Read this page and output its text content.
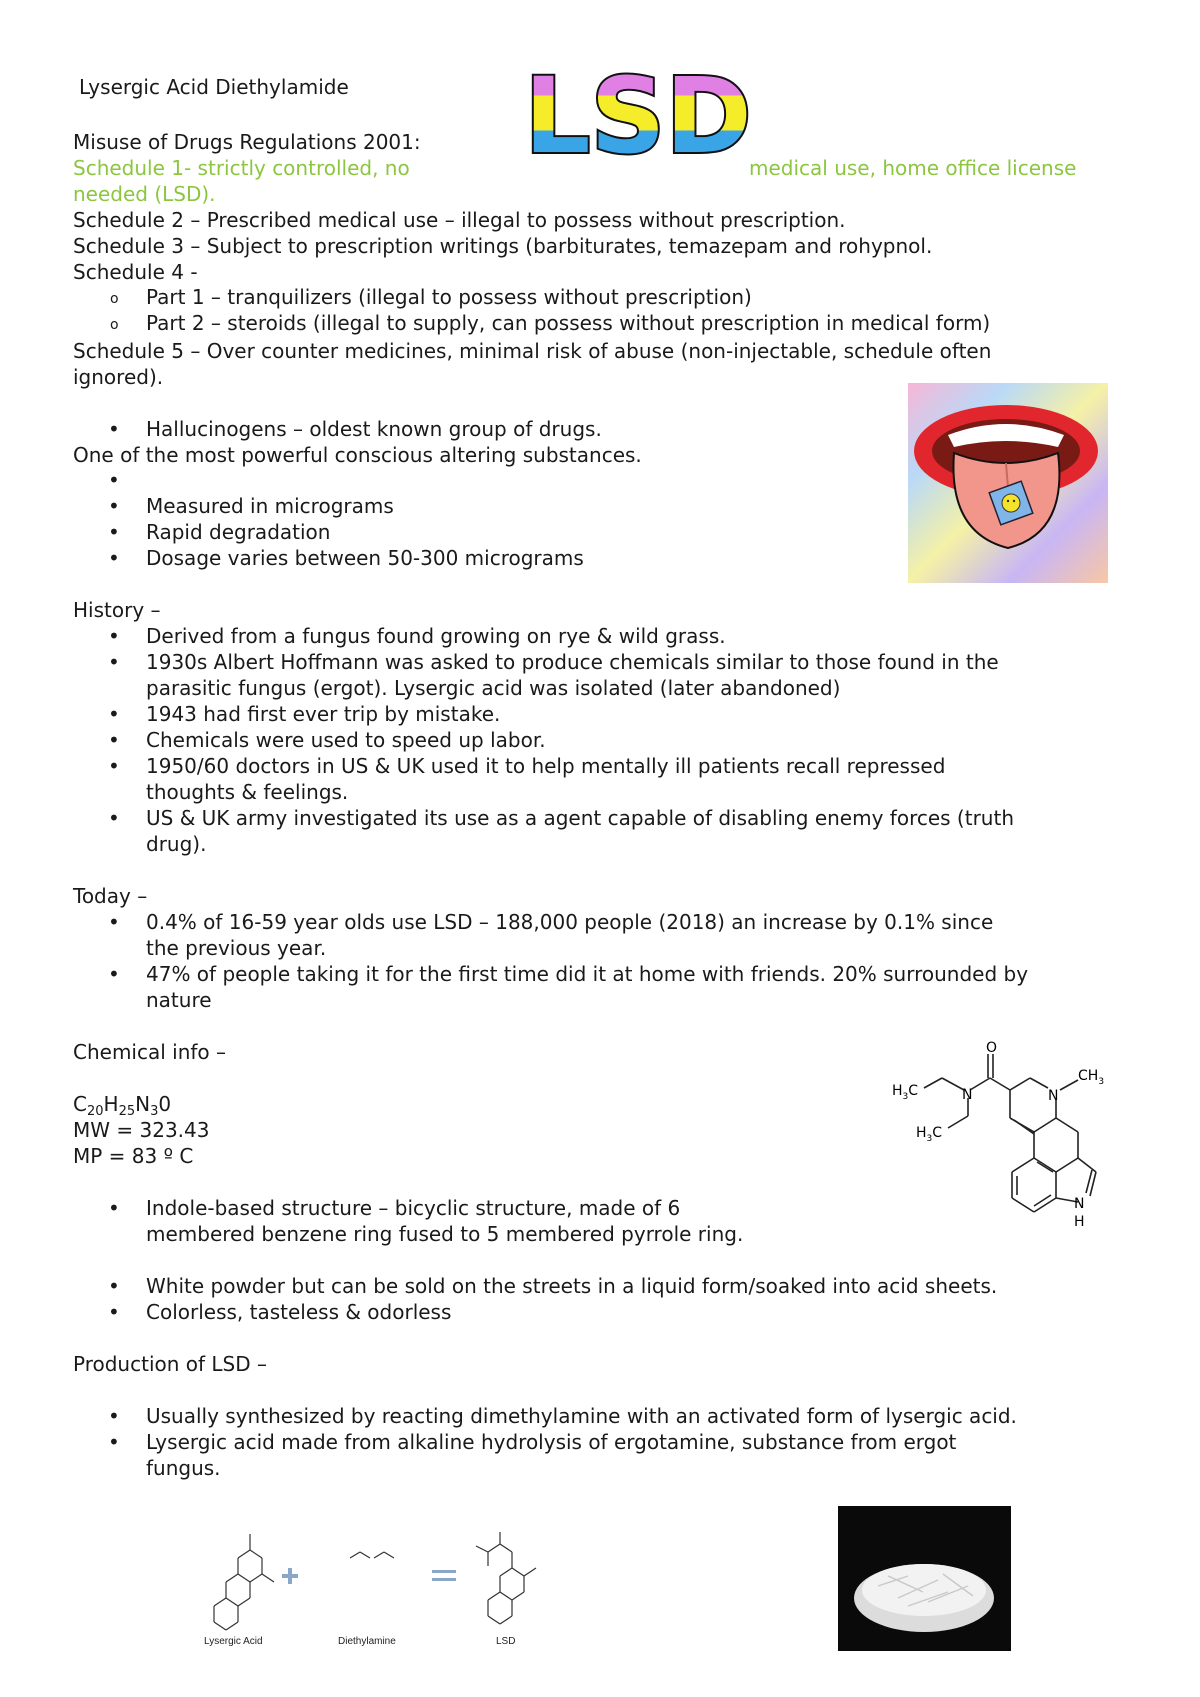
Lysergic Acid Diethylamide LSD
Misuse of Drugs Regulations 2001:
Schedule 1- strictly controlled, no	medical use, home office license
needed (LSD).
Schedule 2 – Prescribed medical use – illegal to possess without prescription.
Schedule 3 – Subject to prescription writings (barbiturates, temazepam and rohypnol.
Schedule 4 -
o Part 1 – tranquilizers (illegal to possess without prescription)
o Part 2 – steroids (illegal to supply, can possess without prescription in medical form)
Schedule 5 – Over counter medicines, minimal risk of abuse (non-injectable, schedule often
ignored).
• Hallucinogens – oldest known group of drugs.
One of the most powerful conscious altering substances.
•
• Measured in micrograms
• Rapid degradation
• Dosage varies between 50-300 micrograms
History –
• Derived from a fungus found growing on rye & wild grass.
• 1930s Albert Hoffmann was asked to produce chemicals similar to those found in the
parasitic fungus (ergot). Lysergic acid was isolated (later abandoned)
• 1943 had first ever trip by mistake.
• Chemicals were used to speed up labor.
• 1950/60 doctors in US & UK used it to help mentally ill patients recall repressed
thoughts & feelings.
• US & UK army investigated its use as a agent capable of disabling enemy forces (truth
drug).
Today –
• 0.4% of 16-59 year olds use LSD – 188,000 people (2018) an increase by 0.1% since
the previous year.
• 47% of people taking it for the first time did it at home with friends. 20% surrounded by
nature
Chemical info –
$C_{20}H_{25}N_30$
MW = 323.43
MP = 83 º C
O
N	N
$CH_3$
$H_3C$
$H_3C$
N
H
• Indole-based structure – bicyclic structure, made of 6
membered benzene ring fused to 5 membered pyrrole ring.
• White powder but can be sold on the streets in a liquid form/soaked into acid sheets.
• Colorless, tasteless & odorless
Production of LSD –
• Usually synthesized by reacting dimethylamine with an activated form of lysergic acid.
• Lysergic acid made from alkaline hydrolysis of ergotamine, substance from ergot
fungus.
Lysergic Acid	Diethylamine	LSD
